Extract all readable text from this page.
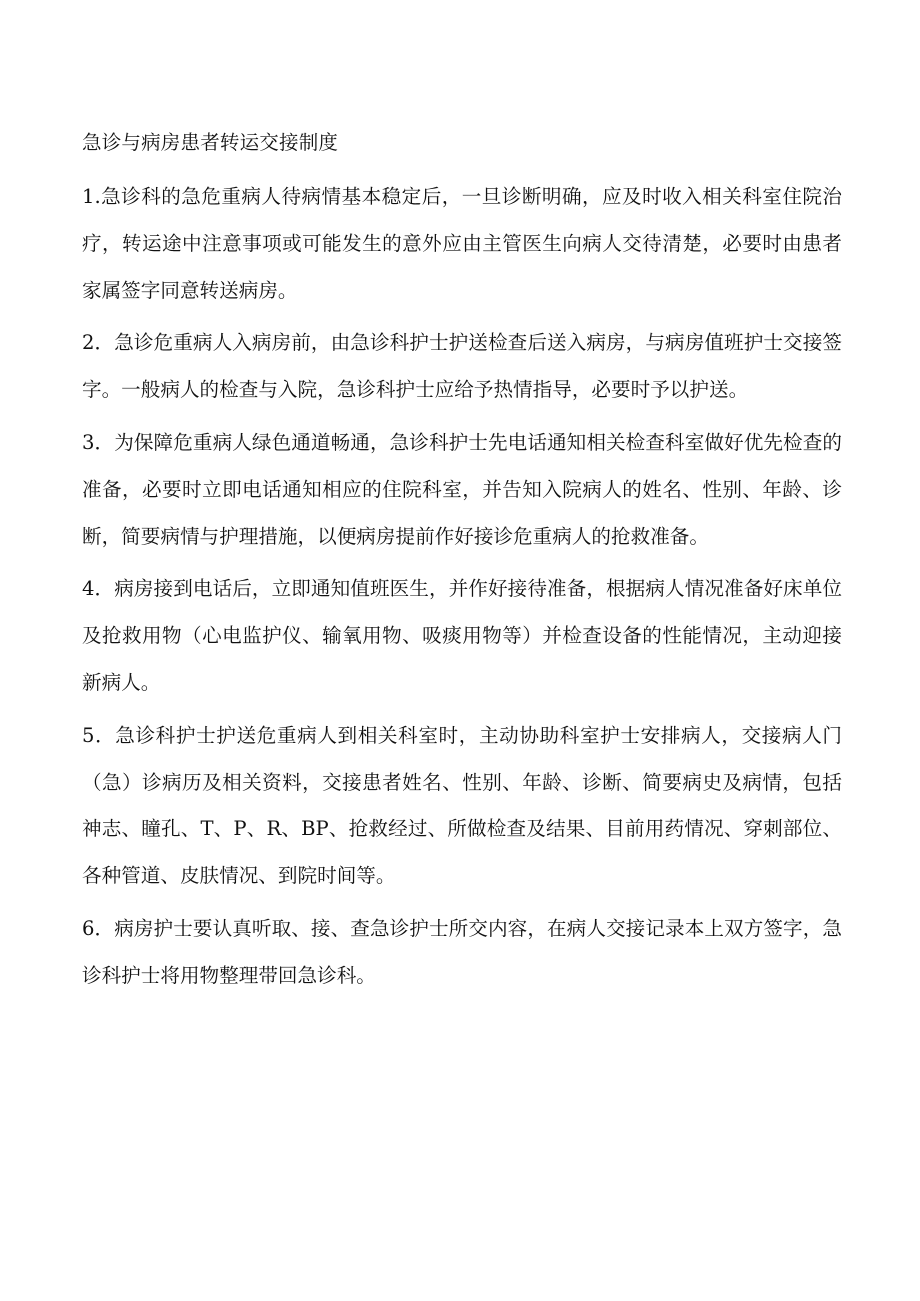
急诊与病房患者转运交接制度

1.急诊科的急危重病人待病情基本稳定后，一旦诊断明确，应及时收入相关科室住院治疗，转运途中注意事项或可能发生的意外应由主管医生向病人交待清楚，必要时由患者家属签字同意转送病房。

2．急诊危重病人入病房前，由急诊科护士护送检查后送入病房，与病房值班护士交接签字。一般病人的检查与入院，急诊科护士应给予热情指导，必要时予以护送。

3．为保障危重病人绿色通道畅通，急诊科护士先电话通知相关检查科室做好优先检查的准备，必要时立即电话通知相应的住院科室，并告知入院病人的姓名、性别、年龄、诊断，简要病情与护理措施，以便病房提前作好接诊危重病人的抢救准备。

4．病房接到电话后，立即通知值班医生，并作好接待准备，根据病人情况准备好床单位及抢救用物（心电监护仪、输氧用物、吸痰用物等）并检查设备的性能情况，主动迎接新病人。

5．急诊科护士护送危重病人到相关科室时，主动协助科室护士安排病人，交接病人门（急）诊病历及相关资料，交接患者姓名、性别、年龄、诊断、简要病史及病情，包括神志、瞳孔、T、P、R、BP、抢救经过、所做检查及结果、目前用药情况、穿刺部位、各种管道、皮肤情况、到院时间等。

6．病房护士要认真听取、接、查急诊护士所交内容，在病人交接记录本上双方签字，急诊科护士将用物整理带回急诊科。
